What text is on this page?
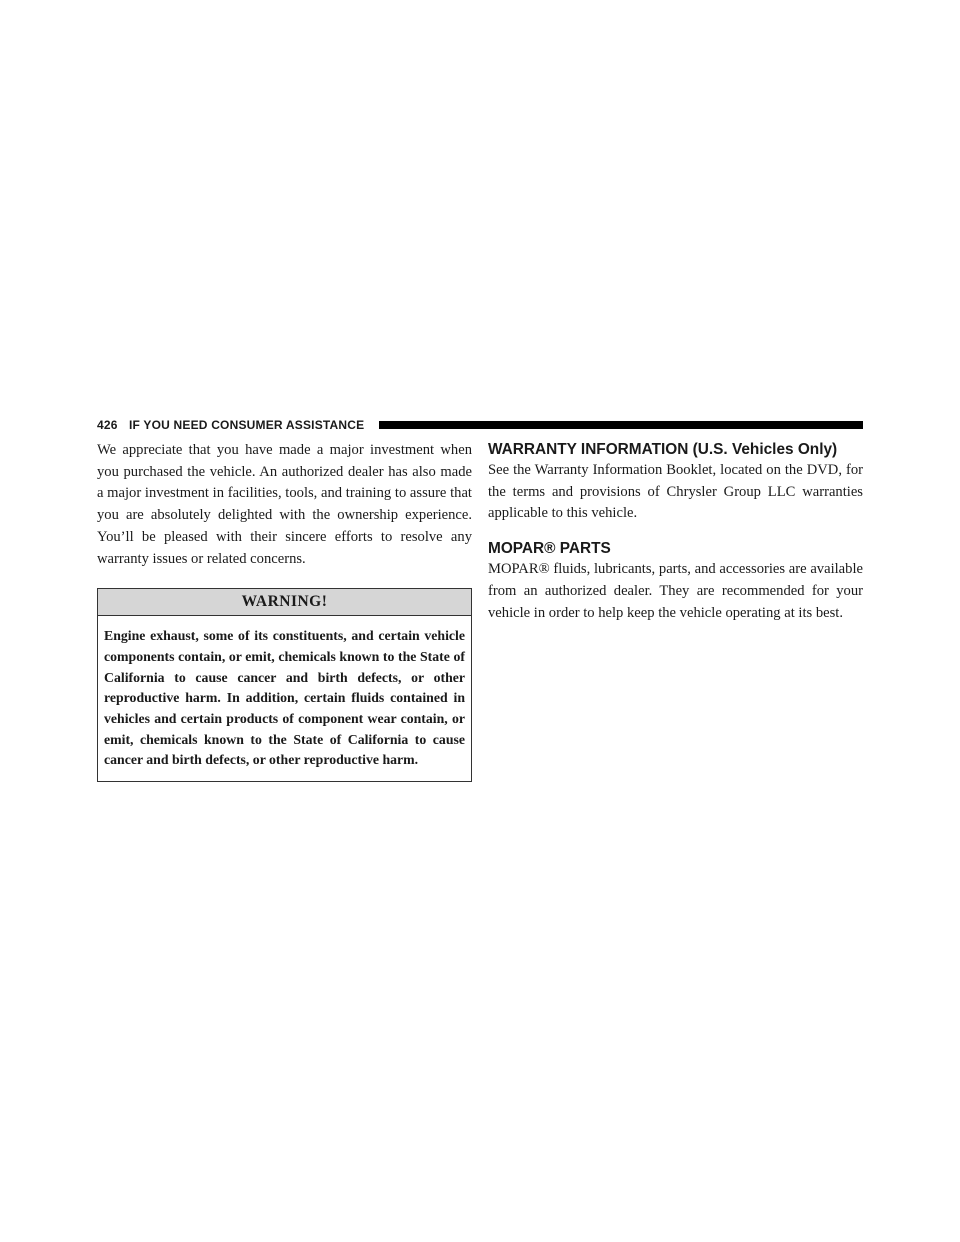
426 IF YOU NEED CONSUMER ASSISTANCE

We appreciate that you have made a major investment when you purchased the vehicle. An authorized dealer has also made a major investment in facilities, tools, and training to assure that you are absolutely delighted with the ownership experience. You’ll be pleased with their sincere efforts to resolve any warranty issues or related concerns.

WARNING!
Engine exhaust, some of its constituents, and certain vehicle components contain, or emit, chemicals known to the State of California to cause cancer and birth defects, or other reproductive harm. In addition, certain fluids contained in vehicles and certain products of component wear contain, or emit, chemicals known to the State of California to cause cancer and birth defects, or other reproductive harm.
WARRANTY INFORMATION (U.S. Vehicles Only)

See the Warranty Information Booklet, located on the DVD, for the terms and provisions of Chrysler Group LLC warranties applicable to this vehicle.

MOPAR® PARTS

MOPAR® fluids, lubricants, parts, and accessories are available from an authorized dealer. They are recommended for your vehicle in order to help keep the vehicle operating at its best.
